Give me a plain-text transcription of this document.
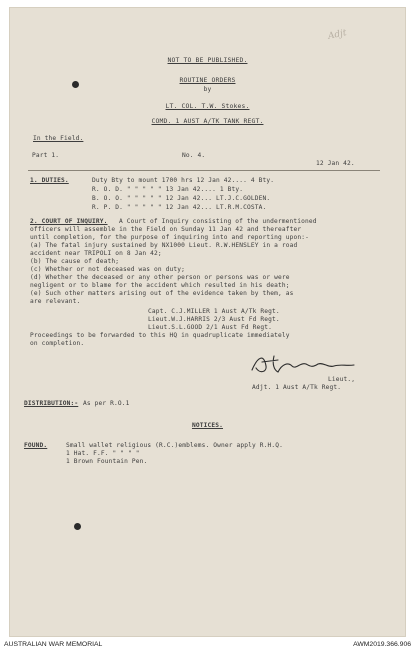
Adjt
NOT TO BE PUBLISHED.
ROUTINE ORDERS
by
LT. COL. T.W. Stokes.
COMD. 1 AUST A/TK TANK REGT.
In the Field.
Part 1.	No. 4.
12 Jan 42.
1. DUTIES.	Duty Bty to mount 1700 hrs 12 Jan 42.... 4 Bty.
R. O. D. " " " " " 13 Jan 42.... 1 Bty.
B. O. O. " " " " " 12 Jan 42... LT.J.C.GOLDEN.
R. P. D. " " " " " 12 Jan 42... LT.R.M.COSTA.
2. COURT OF INQUIRY. A Court of Inquiry consisting of the undermentioned
officers will assemble in the Field on Sunday 11 Jan 42 and thereafter
until completion, for the purpose of inquiring into and reporting upon:-
(a) The fatal injury sustained by NX1000 Lieut. R.W.HENSLEY in a road
accident near TRIPOLI on 8 Jan 42;
(b) The cause of death;
(c) Whether or not deceased was on duty;
(d) Whether the deceased or any other person or persons was or were
negligent or to blame for the accident which resulted in his death;
(e) Such other matters arising out of the evidence taken by them, as
are relevant.
Capt. C.J.MILLER 1 Aust A/Tk Regt.
Lieut.W.J.HARRIS 2/3 Aust Fd Regt.
Lieut.S.L.GOOD 2/1 Aust Fd Regt.
Proceedings to be forwarded to this HQ in quadruplicate immediately
on completion.
Lieut.,
Adjt. 1 Aust A/Tk Regt.
DISTRIBUTION:- As per R.O.1
NOTICES.
FOUND.	Small wallet religious (R.C.)emblems. Owner apply R.H.Q.
1 Hat. F.F. " " " "
1 Brown Fountain Pen.
AUSTRALIAN WAR MEMORIAL	AWM2019.366.906
